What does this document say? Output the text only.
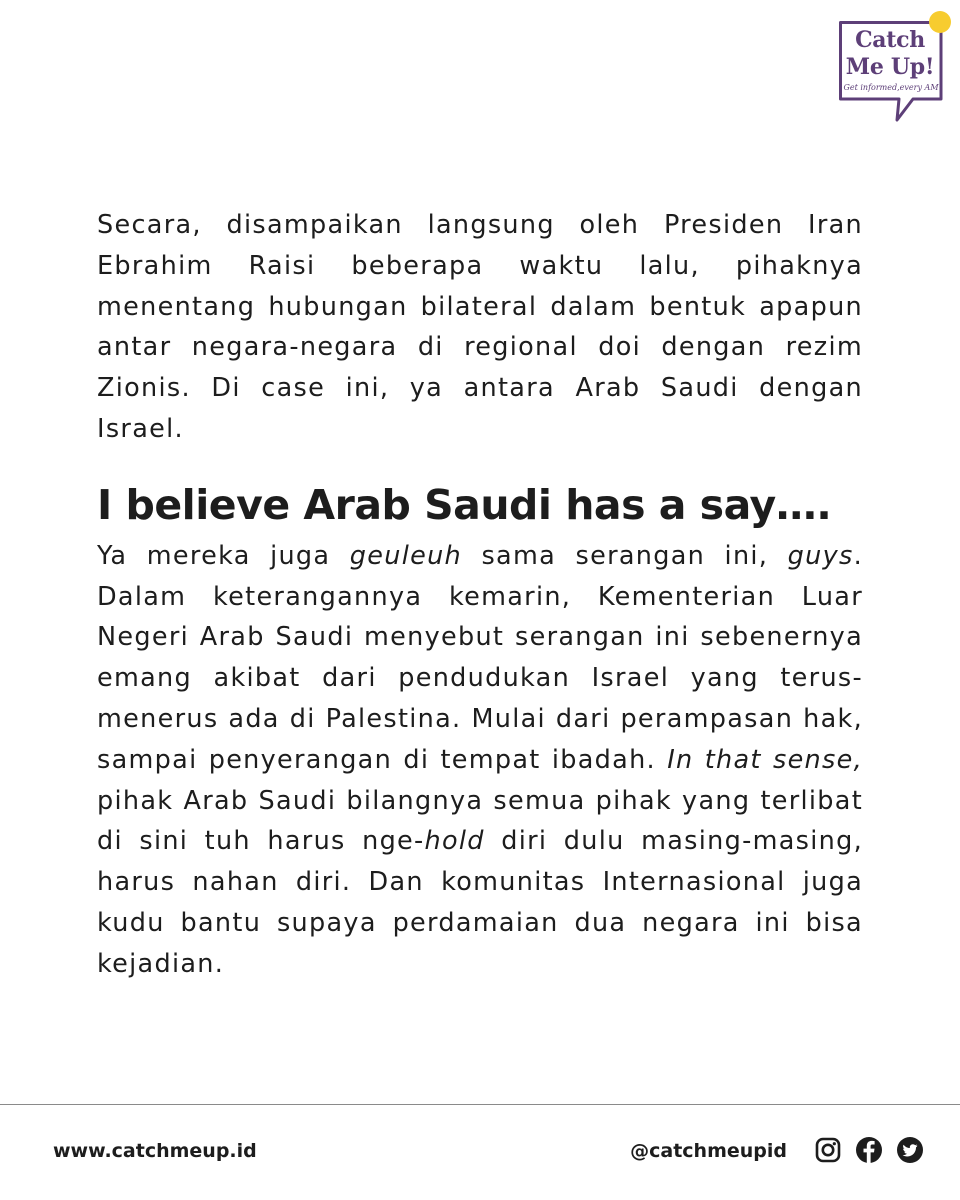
Catch
Me Up!
Get informed,every AM

Secara, disampaikan langsung oleh Presiden Iran Ebrahim Raisi beberapa waktu lalu, pihaknya menentang hubungan bilateral dalam bentuk apapun antar negara-negara di regional doi dengan rezim Zionis. Di case ini, ya antara Arab Saudi dengan Israel.

I believe Arab Saudi has a say….

Ya mereka juga geuleuh sama serangan ini, guys. Dalam keterangannya kemarin, Kementerian Luar Negeri Arab Saudi menyebut serangan ini sebenernya emang akibat dari pendudukan Israel yang terus-menerus ada di Palestina. Mulai dari perampasan hak, sampai penyerangan di tempat ibadah. In that sense, pihak Arab Saudi bilangnya semua pihak yang terlibat di sini tuh harus nge-hold diri dulu masing-masing, harus nahan diri. Dan komunitas Internasional juga kudu bantu supaya perdamaian dua negara ini bisa kejadian.

www.catchmeup.id	@catchmeupid
